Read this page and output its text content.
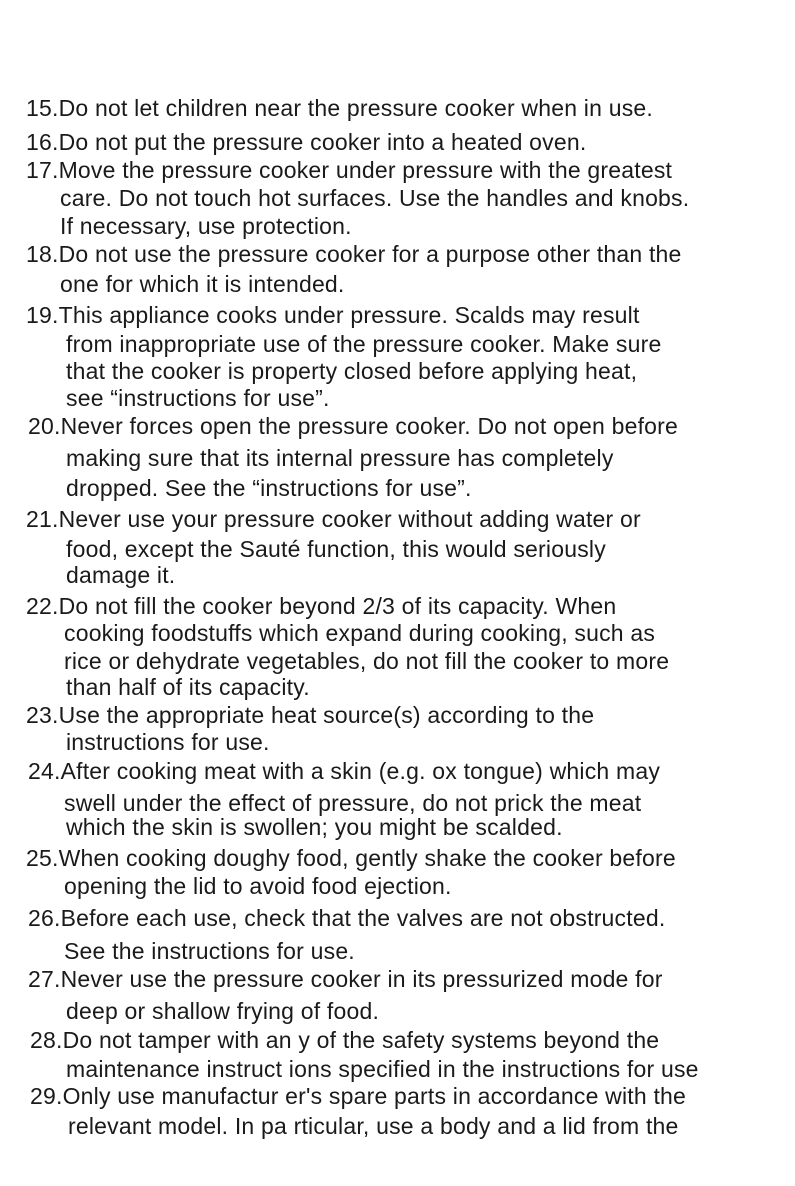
15.Do not let children near the pressure cooker when in use.
16.Do not put the pressure cooker into a heated oven.
17.Move the pressure cooker under pressure with the greatest
care. Do not touch hot surfaces. Use the handles and knobs.
If necessary, use protection.
18.Do not use the pressure cooker for a purpose other than the
one for which it is intended.
19.This appliance cooks under pressure. Scalds may result
from inappropriate use of the pressure cooker. Make sure
that the cooker is property closed before applying heat,
see “instructions for use”.
20.Never forces open the pressure cooker. Do not open before
making sure that its internal pressure has completely
dropped. See the “instructions for use”.
21.Never use your pressure cooker without adding water or
food, except the Sauté function, this would seriously
damage it.
22.Do not fill the cooker beyond 2/3 of its capacity. When
cooking foodstuffs which expand during cooking, such as
rice or dehydrate vegetables, do not fill the cooker to more
than half of its capacity.
23.Use the appropriate heat source(s) according to the
instructions for use.
24.After cooking meat with a skin (e.g. ox tongue) which may
swell under the effect of pressure, do not prick the meat
which the skin is swollen; you might be scalded.
25.When cooking doughy food, gently shake the cooker before
opening the lid to avoid food ejection.
26.Before each use, check that the valves are not obstructed.
See the instructions for use.
27.Never use the pressure cooker in its pressurized mode for
deep or shallow frying of food.
28.Do not tamper with an y of the safety systems beyond the
maintenance instruct ions specified in the instructions for use
29.Only use manufactur er's spare parts in accordance with the
relevant model. In pa rticular, use a body and a lid from the
